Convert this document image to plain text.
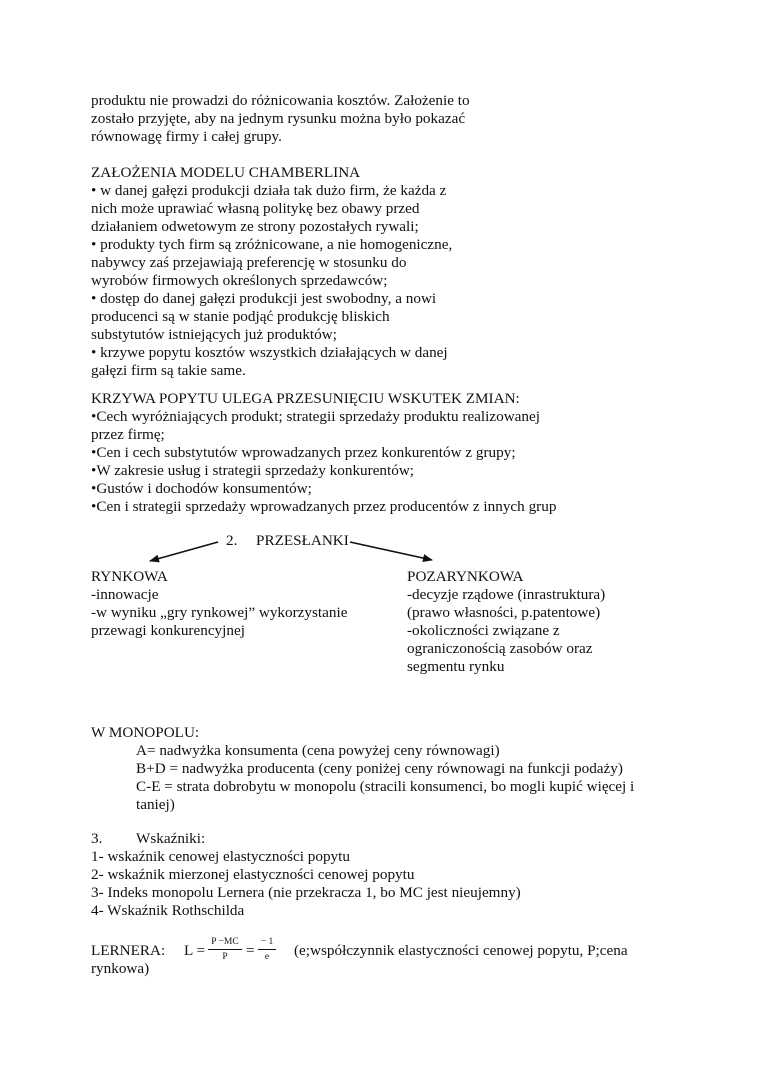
produktu nie prowadzi do różnicowania kosztów. Założenie to
zostało przyjęte, aby na jednym rysunku można było pokazać
równowagę firmy i całej grupy.
ZAŁOŻENIA MODELU CHAMBERLINA
• w danej gałęzi produkcji działa tak dużo firm, że każda z
nich może uprawiać własną politykę bez obawy przed
działaniem odwetowym ze strony pozostałych rywali;
• produkty tych firm są zróżnicowane, a nie homogeniczne,
nabywcy zaś przejawiają preferencję w stosunku do
wyrobów firmowych określonych sprzedawców;
• dostęp do danej gałęzi produkcji jest swobodny, a nowi
producenci są w stanie podjąć produkcję bliskich
substytutów istniejących już produktów;
• krzywe popytu kosztów wszystkich działających w danej
gałęzi firm są takie same.
KRZYWA POPYTU ULEGA PRZESUNIĘCIU WSKUTEK ZMIAN:
•Cech wyróżniających produkt; strategii sprzedaży produktu realizowanej
przez firmę;
•Cen i cech substytutów wprowadzanych przez konkurentów z grupy;
•W zakresie usług i strategii sprzedaży konkurentów;
•Gustów i dochodów konsumentów;
•Cen i strategii sprzedaży wprowadzanych przez producentów z innych grup
2. PRZESŁANKI
RYNKOWA
-innowacje
-w wyniku „gry rynkowej” wykorzystanie
przewagi konkurencyjnej
POZARYNKOWA
-decyzje rządowe (inrastruktura)
(prawo własności, p.patentowe)
-okoliczności związane z
ograniczonością zasobów oraz
segmentu rynku
W MONOPOLU:
A= nadwyżka konsumenta (cena powyżej ceny równowagi)
B+D = nadwyżka producenta (ceny poniżej ceny równowagi na funkcji podaży)
C-E = strata dobrobytu w monopolu (stracili konsumenci, bo mogli kupić więcej i
taniej)
3. Wskaźniki:
1- wskaźnik cenowej elastyczności popytu
2- wskaźnik mierzonej elastyczności cenowej popytu
3- Indeks monopolu Lernera (nie przekracza 1, bo MC jest nieujemny)
4- Wskaźnik Rothschilda
LERNERA: L = P −MC
P	= − 1
e	(e;współczynnik elastyczności cenowej popytu, P;cena
rynkowa)
